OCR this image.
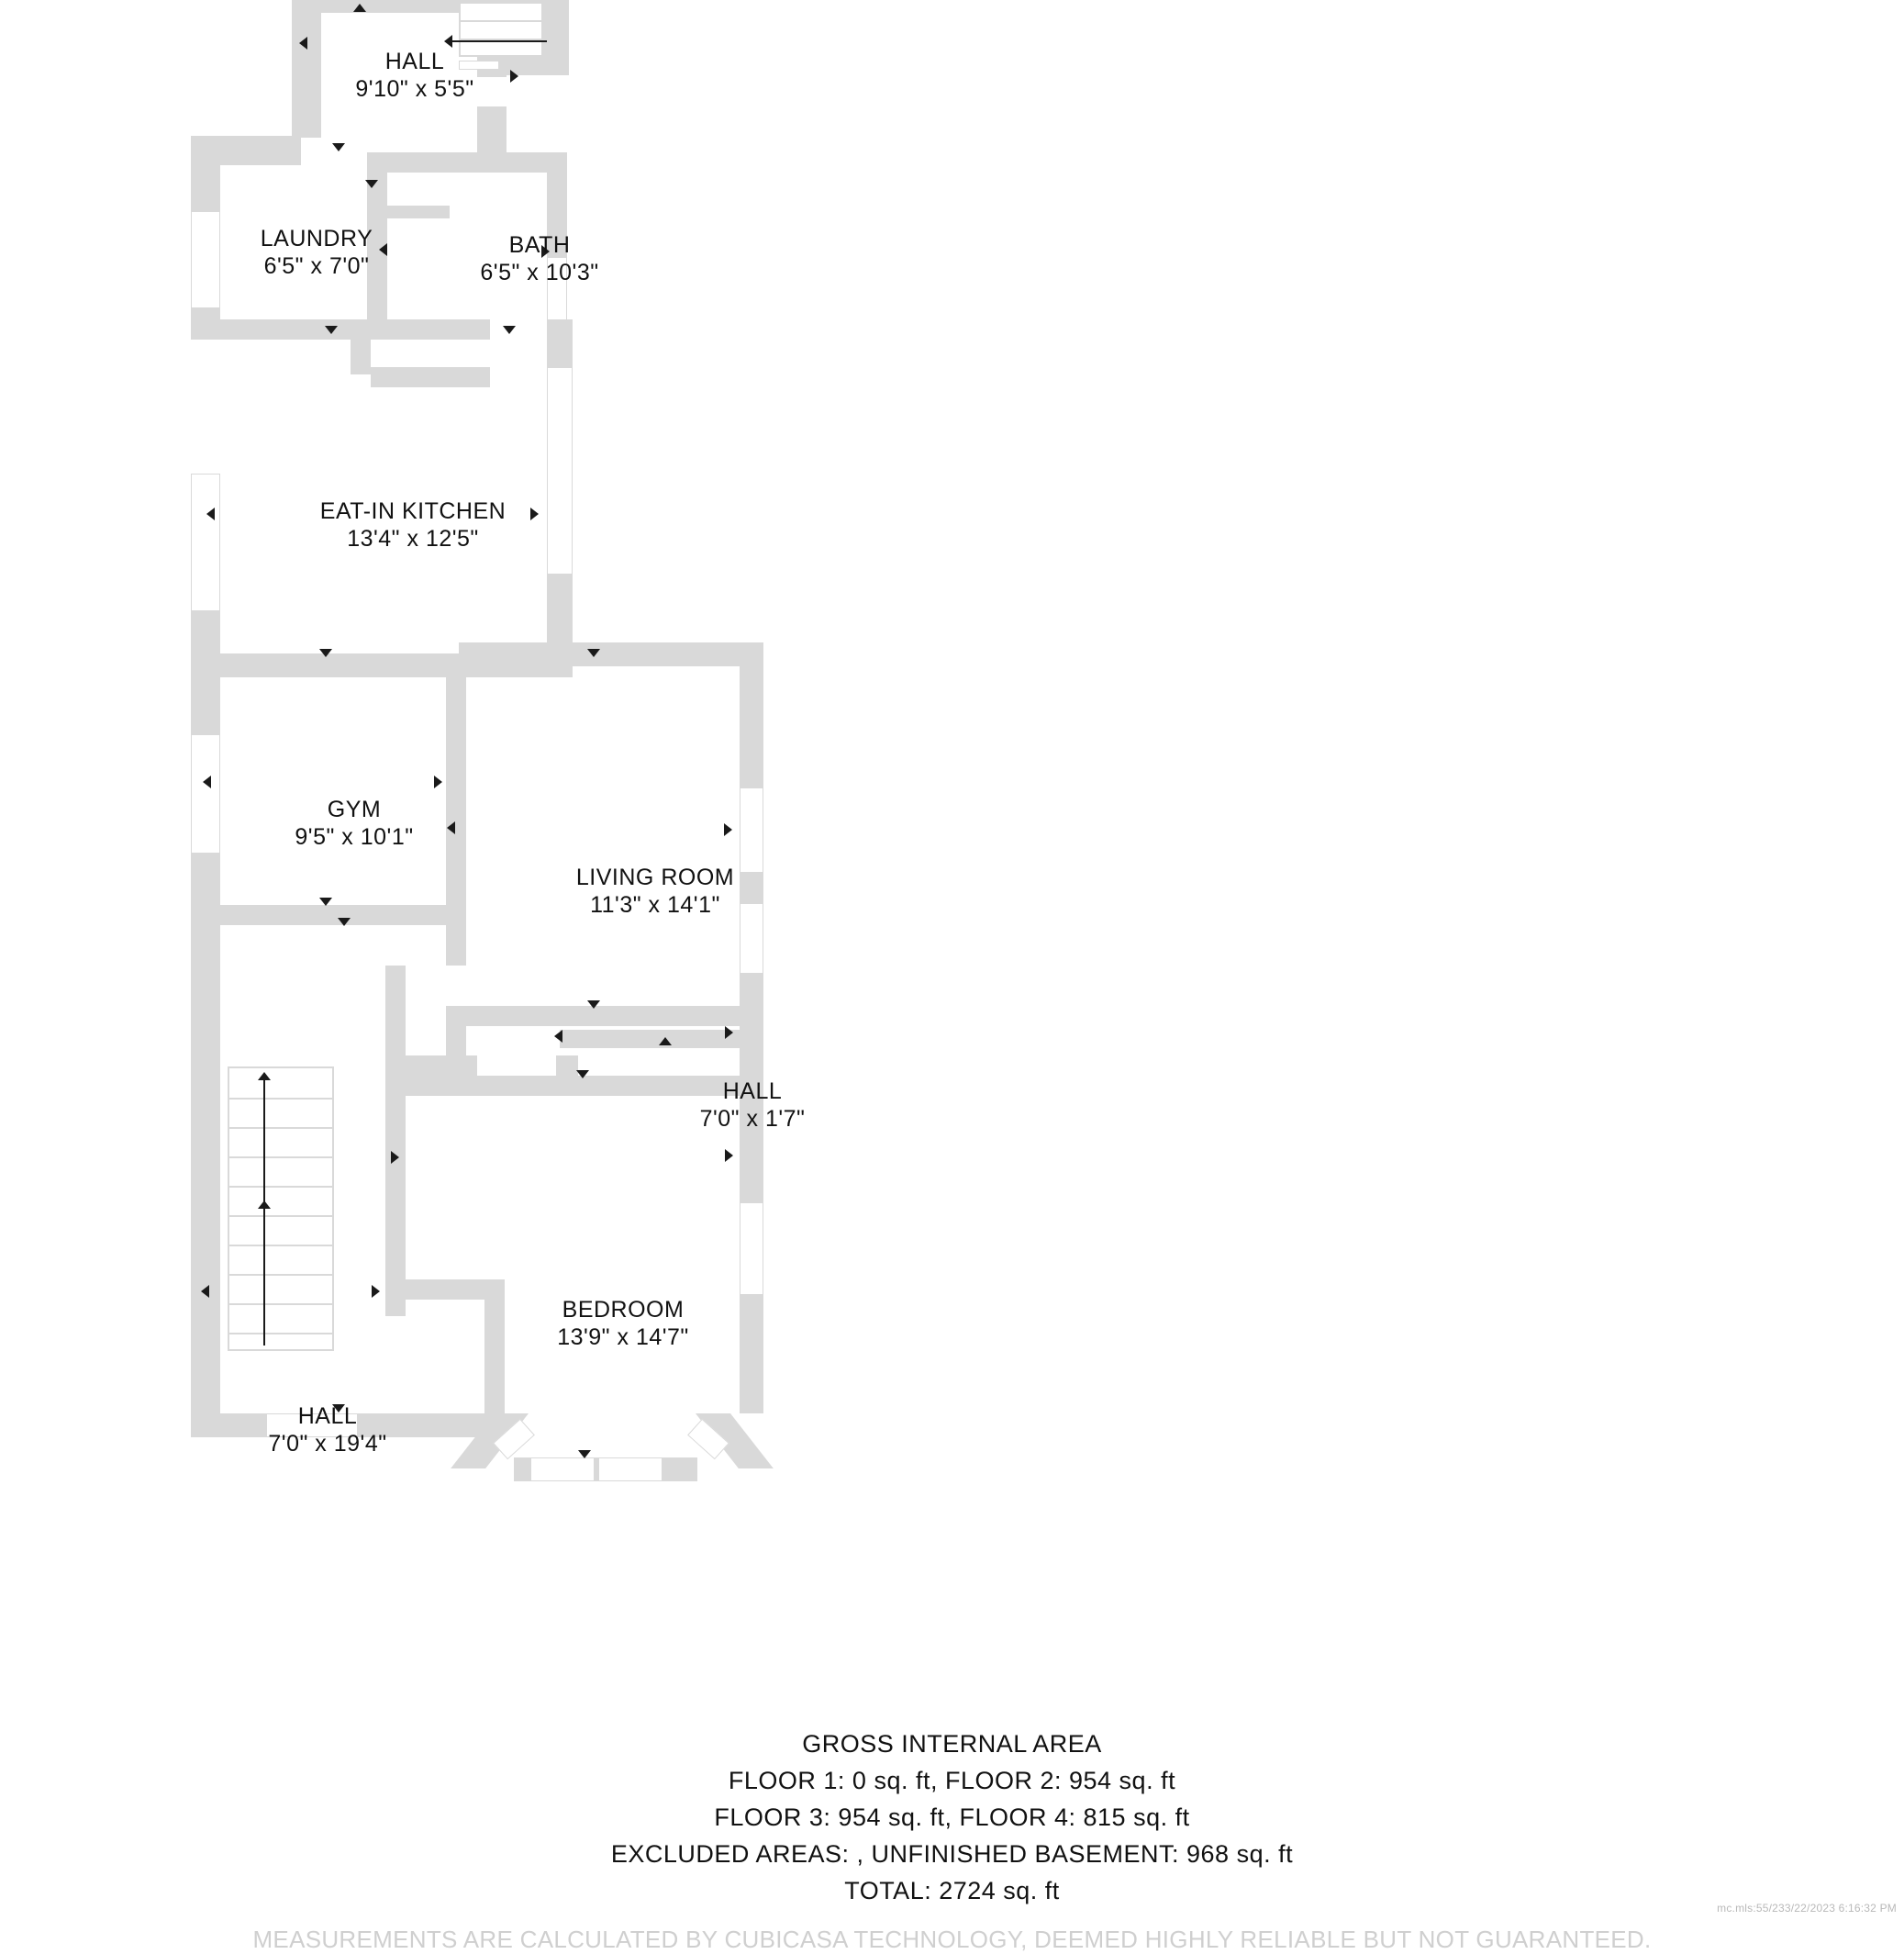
HALL
9'10" x 5'5"
LAUNDRY
6'5" x 7'0"
BATH
6'5" x 10'3"
EAT-IN KITCHEN
13'4" x 12'5"
GYM
9'5" x 10'1"
LIVING ROOM
11'3" x 14'1"
HALL
7'0" x 1'7"
BEDROOM
13'9" x 14'7"
HALL
7'0" x 19'4"
GROSS INTERNAL AREA
FLOOR 1: 0 sq. ft, FLOOR 2: 954 sq. ft
FLOOR 3: 954 sq. ft, FLOOR 4: 815 sq. ft
EXCLUDED AREAS: , UNFINISHED BASEMENT: 968 sq. ft
TOTAL: 2724 sq. ft
MEASUREMENTS ARE CALCULATED BY CUBICASA TECHNOLOGY, DEEMED HIGHLY RELIABLE BUT NOT GUARANTEED.
mc.mls:55/233/22/2023 6:16:32 PM
